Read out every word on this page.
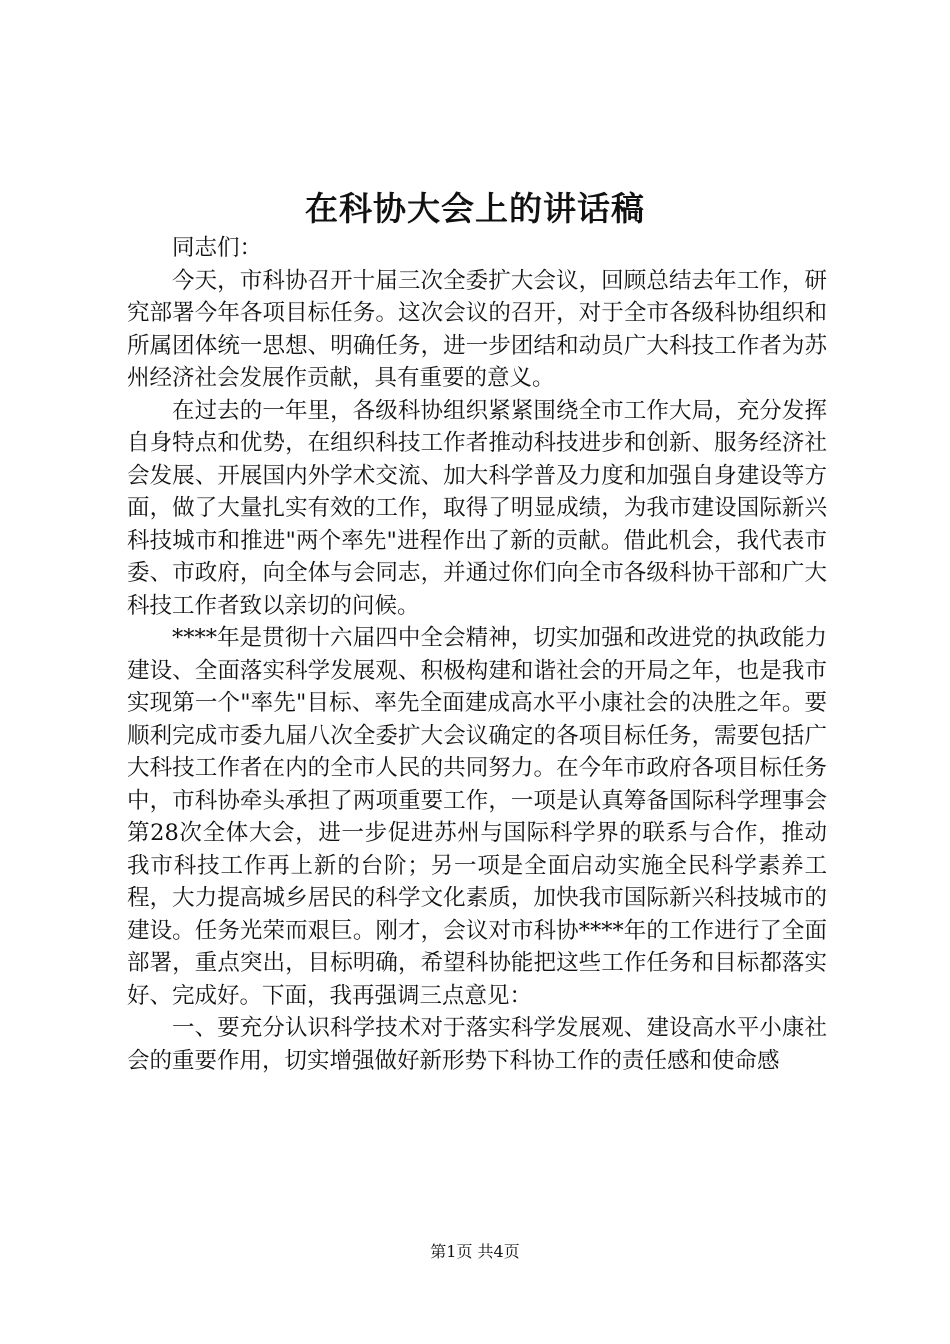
在科协大会上的讲话稿

同志们：

今天，市科协召开十届三次全委扩大会议，回顾总结去年工作，研究部署今年各项目标任务。这次会议的召开，对于全市各级科协组织和所属团体统一思想、明确任务，进一步团结和动员广大科技工作者为苏州经济社会发展作贡献，具有重要的意义。

在过去的一年里，各级科协组织紧紧围绕全市工作大局，充分发挥自身特点和优势，在组织科技工作者推动科技进步和创新、服务经济社会发展、开展国内外学术交流、加大科学普及力度和加强自身建设等方面，做了大量扎实有效的工作，取得了明显成绩，为我市建设国际新兴科技城市和推进"两个率先"进程作出了新的贡献。借此机会，我代表市委、市政府，向全体与会同志，并通过你们向全市各级科协干部和广大科技工作者致以亲切的问候。

****年是贯彻十六届四中全会精神，切实加强和改进党的执政能力建设、全面落实科学发展观、积极构建和谐社会的开局之年，也是我市实现第一个"率先"目标、率先全面建成高水平小康社会的决胜之年。要顺利完成市委九届八次全委扩大会议确定的各项目标任务，需要包括广大科技工作者在内的全市人民的共同努力。在今年市政府各项目标任务中，市科协牵头承担了两项重要工作，一项是认真筹备国际科学理事会第28次全体大会，进一步促进苏州与国际科学界的联系与合作，推动我市科技工作再上新的台阶；另一项是全面启动实施全民科学素养工程，大力提高城乡居民的科学文化素质，加快我市国际新兴科技城市的建设。任务光荣而艰巨。刚才，会议对市科协****年的工作进行了全面部署，重点突出，目标明确，希望科协能把这些工作任务和目标都落实好、完成好。下面，我再强调三点意见：

一、要充分认识科学技术对于落实科学发展观、建设高水平小康社会的重要作用，切实增强做好新形势下科协工作的责任感和使命感

第1页 共4页
